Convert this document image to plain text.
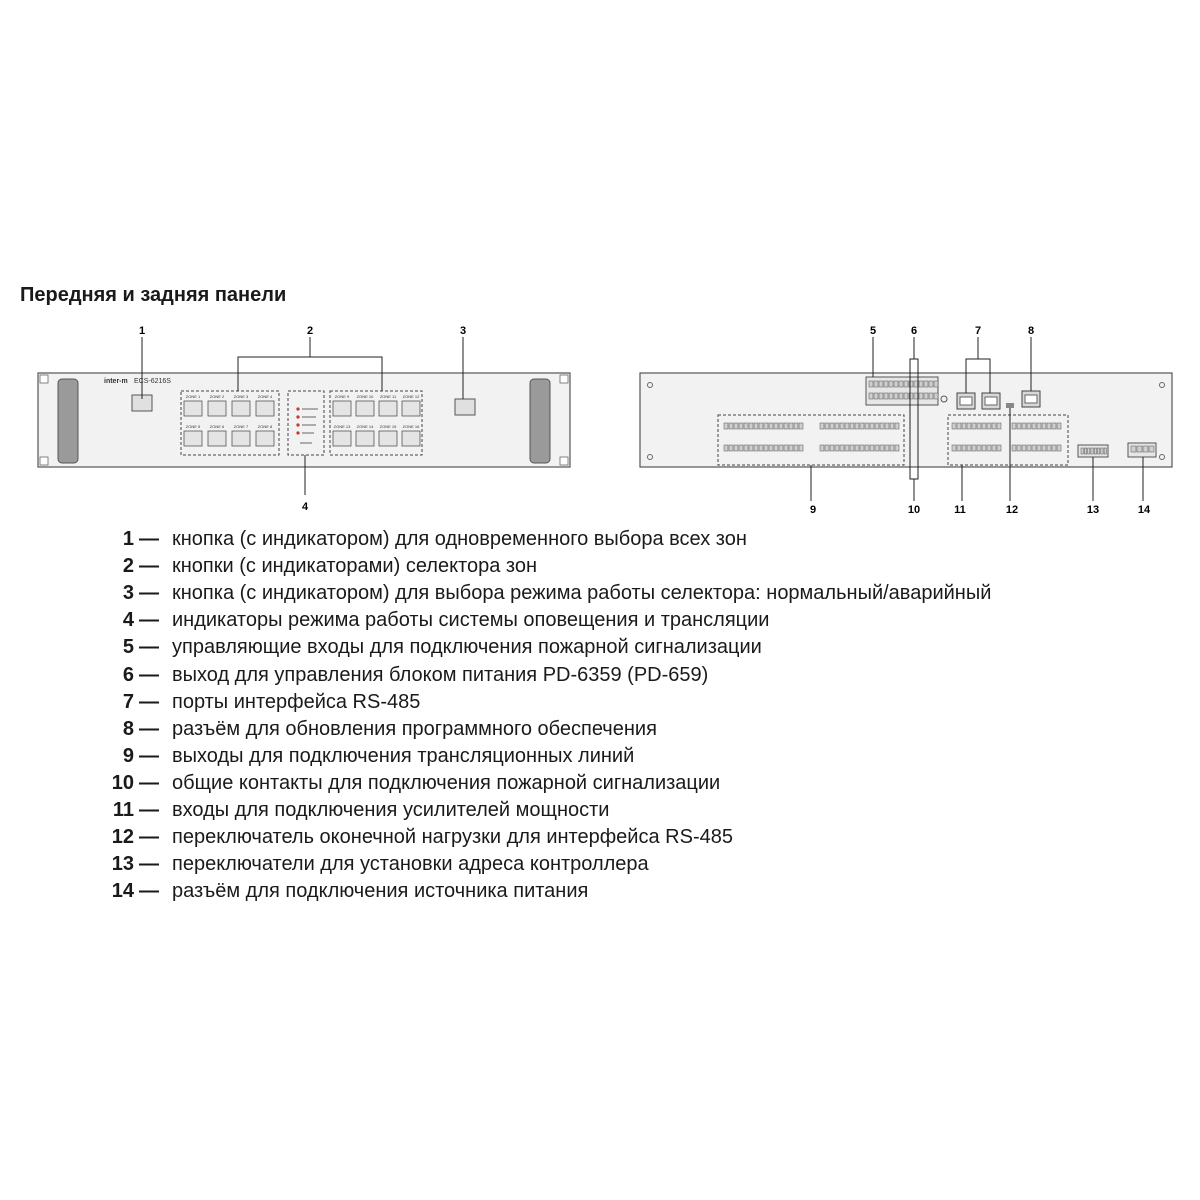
Передняя и задняя панели
inter-m ECS-6216S
ZONE 1 ZONE 2 ZONE 3 ZONE 4
ZONE 5 ZONE 6 ZONE 7 ZONE 8
ZONE 9 ZONE 10 ZONE 11 ZONE 12
ZONE 13 ZONE 14 ZONE 15 ZONE 16
1	2	3
4
5	6	7	8
9	10	11	12	13	14
1 — кнопка (с индикатором) для одновременного выбора всех зон
2 — кнопки (с индикаторами) селектора зон
3 — кнопка (с индикатором) для выбора режима работы селектора: нормальный/аварийный
4 — индикаторы режима работы системы оповещения и трансляции
5 — управляющие входы для подключения пожарной сигнализации
6 — выход для управления блоком питания PD-6359 (PD-659)
7 — порты интерфейса RS-485
8 — разъём для обновления программного обеспечения
9 — выходы для подключения трансляционных линий
10 — общие контакты для подключения пожарной сигнализации
11 — входы для подключения усилителей мощности
12 — переключатель оконечной нагрузки для интерфейса RS-485
13 — переключатели для установки адреса контроллера
14 — разъём для подключения источника питания
